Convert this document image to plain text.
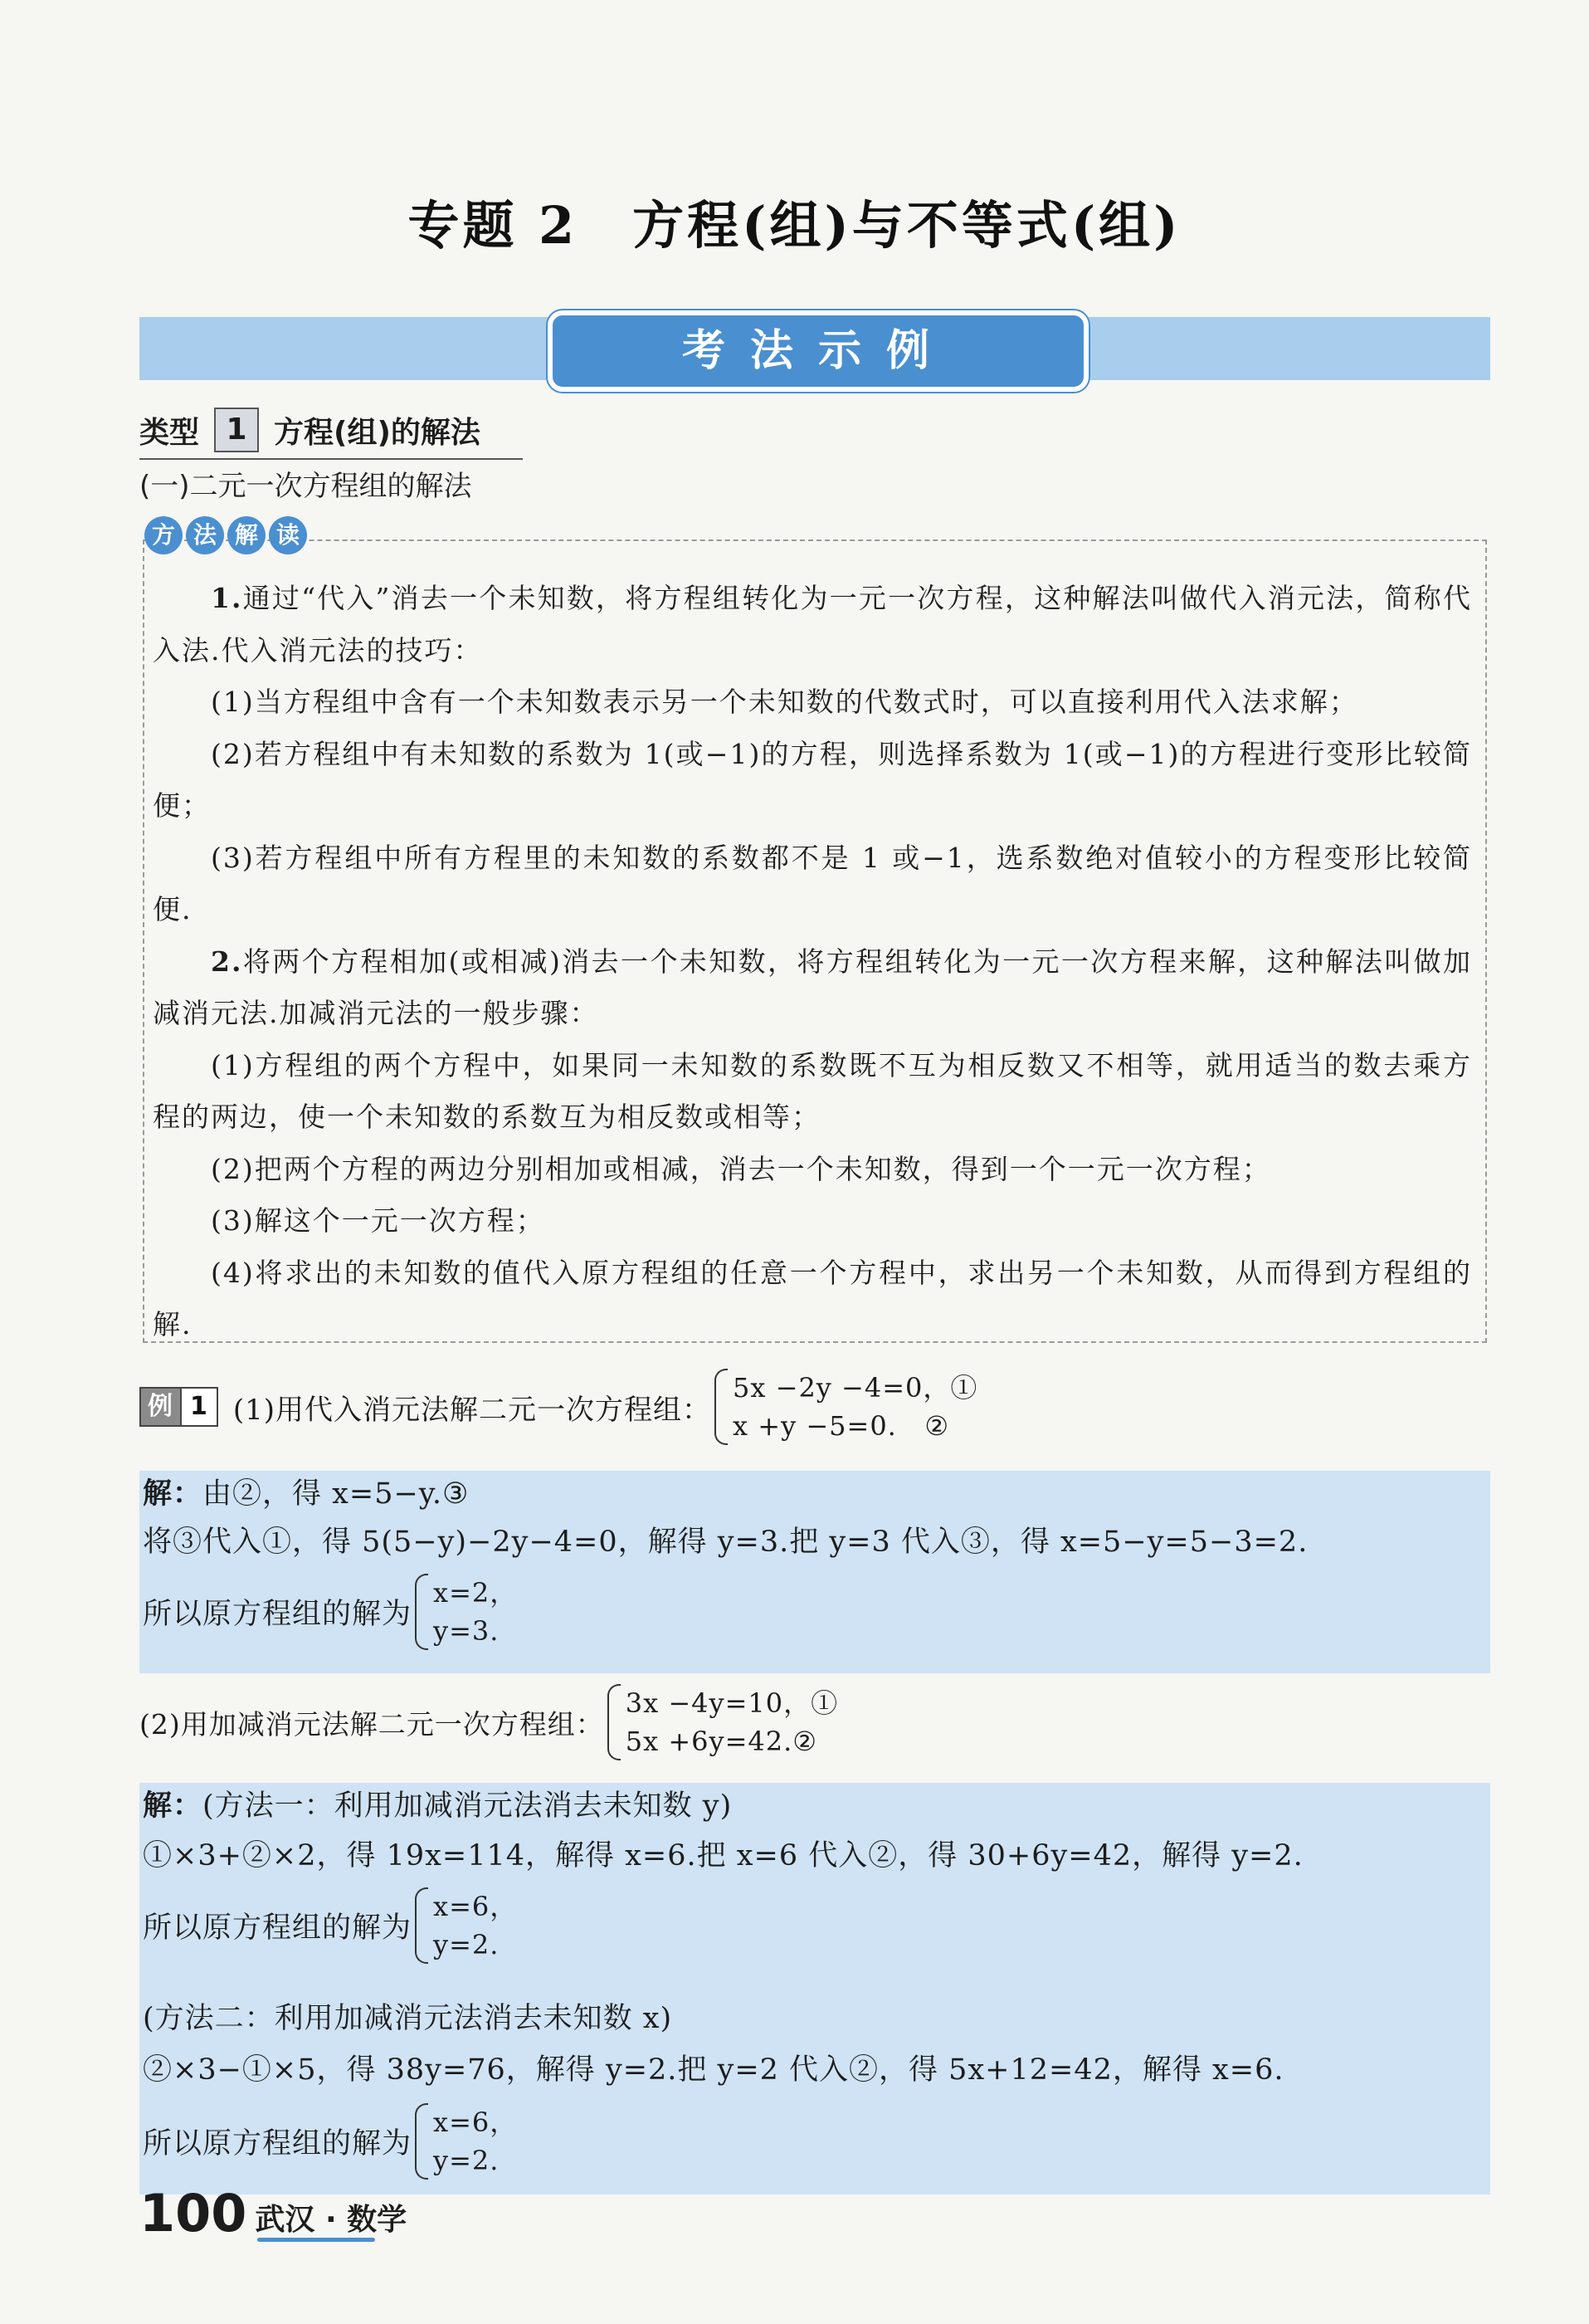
专题 2　方程(组)与不等式(组)
考法示例
类型 1 方程(组)的解法
(一)二元一次方程组的解法

1.通过“代入”消去一个未知数，将方程组转化为一元一次方程，这种解法叫做代入消元法，简称代入法.代入消元法的技巧：

(1)当方程组中含有一个未知数表示另一个未知数的代数式时，可以直接利用代入法求解；

(2)若方程组中有未知数的系数为 1(或−1)的方程，则选择系数为 1(或−1)的方程进行变形比较简便；

(3)若方程组中所有方程里的未知数的系数都不是 1 或−1，选系数绝对值较小的方程变形比较简便.

2.将两个方程相加(或相减)消去一个未知数，将方程组转化为一元一次方程来解，这种解法叫做加减消元法.加减消元法的一般步骤：

(1)方程组的两个方程中，如果同一未知数的系数既不互为相反数又不相等，就用适当的数去乘方程的两边，使一个未知数的系数互为相反数或相等；

(2)把两个方程的两边分别相加或相减，消去一个未知数，得到一个一元一次方程；

(3)解这个一元一次方程；

(4)将求出的未知数的值代入原方程组的任意一个方程中，求出另一个未知数，从而得到方程组的解.

方 法 解 读
例 1 (1)用代入消元法解二元一次方程组：
5x −2y −4=0，①
x +y −5=0.   ②
解：由②，得 x=5−y.③
将③代入①，得 5(5−y)−2y−4=0，解得 y=3.把 y=3 代入③，得 x=5−y=5−3=2.
所以原方程组的解为
x=2，
y=3.
(2)用加减消元法解二元一次方程组：
3x −4y=10，①
5x +6y=42.②
解：(方法一：利用加减消元法消去未知数 y)
①×3+②×2，得 19x=114，解得 x=6.把 x=6 代入②，得 30+6y=42，解得 y=2.
所以原方程组的解为
x=6，
y=2.
(方法二：利用加减消元法消去未知数 x)
②×3−①×5，得 38y=76，解得 y=2.把 y=2 代入②，得 5x+12=42，解得 x=6.
所以原方程组的解为
x=6，
y=2.
100 武汉 · 数学
